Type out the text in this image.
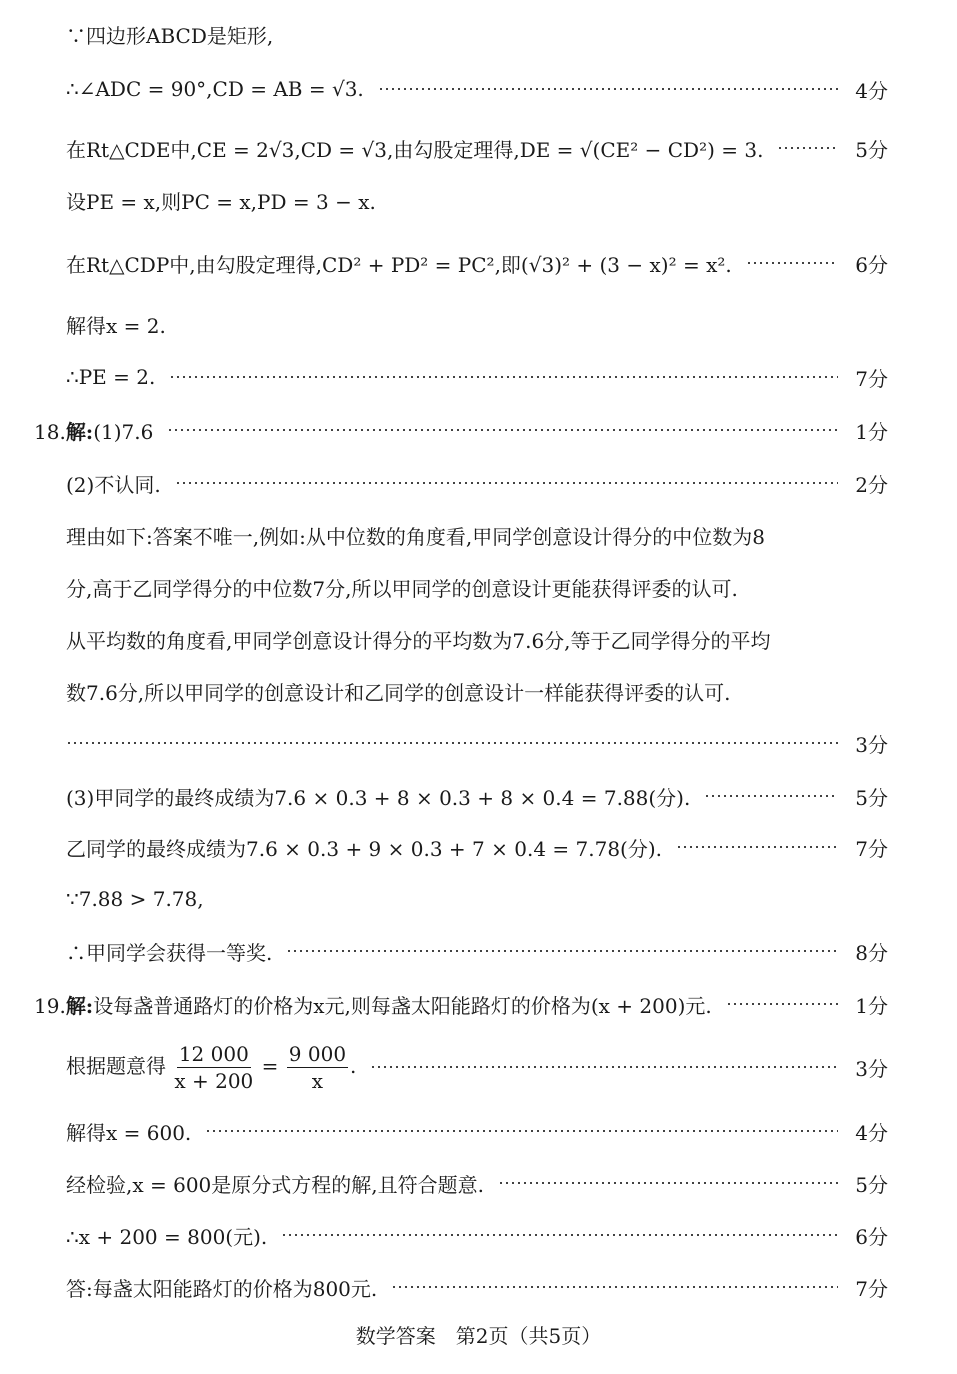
∵四边形ABCD是矩形,
∴∠ADC = 90°,CD = AB = √3.	4分
在Rt△CDE中,CE = 2√3,CD = √3,由勾股定理得,DE = √(CE² − CD²) = 3.	5分
设PE = x,则PC = x,PD = 3 − x.
在Rt△CDP中,由勾股定理得,CD² + PD² = PC²,即(√3)² + (3 − x)² = x².	6分
解得x = 2.
∴PE = 2.	7分
18.解:(1)7.6	1分
(2)不认同.	2分
理由如下:答案不唯一,例如:从中位数的角度看,甲同学创意设计得分的中位数为8
分,高于乙同学得分的中位数7分,所以甲同学的创意设计更能获得评委的认可.
从平均数的角度看,甲同学创意设计得分的平均数为7.6分,等于乙同学得分的平均
数7.6分,所以甲同学的创意设计和乙同学的创意设计一样能获得评委的认可.
3分
(3)甲同学的最终成绩为7.6 × 0.3 + 8 × 0.3 + 8 × 0.4 = 7.88(分).	5分
乙同学的最终成绩为7.6 × 0.3 + 9 × 0.3 + 7 × 0.4 = 7.78(分).	7分
∵7.88 > 7.78,
∴甲同学会获得一等奖.	8分
19.解:设每盏普通路灯的价格为x元,则每盏太阳能路灯的价格为(x + 200)元.	1分
根据题意得 $\frac{12 000}{x + 200} = \frac{9 000}{x}$ .	3分
解得x = 600.	4分
经检验,x = 600是原分式方程的解,且符合题意.	5分
∴x + 200 = 800(元).	6分
答:每盏太阳能路灯的价格为800元.	7分
数学答案　第2页（共5页）
